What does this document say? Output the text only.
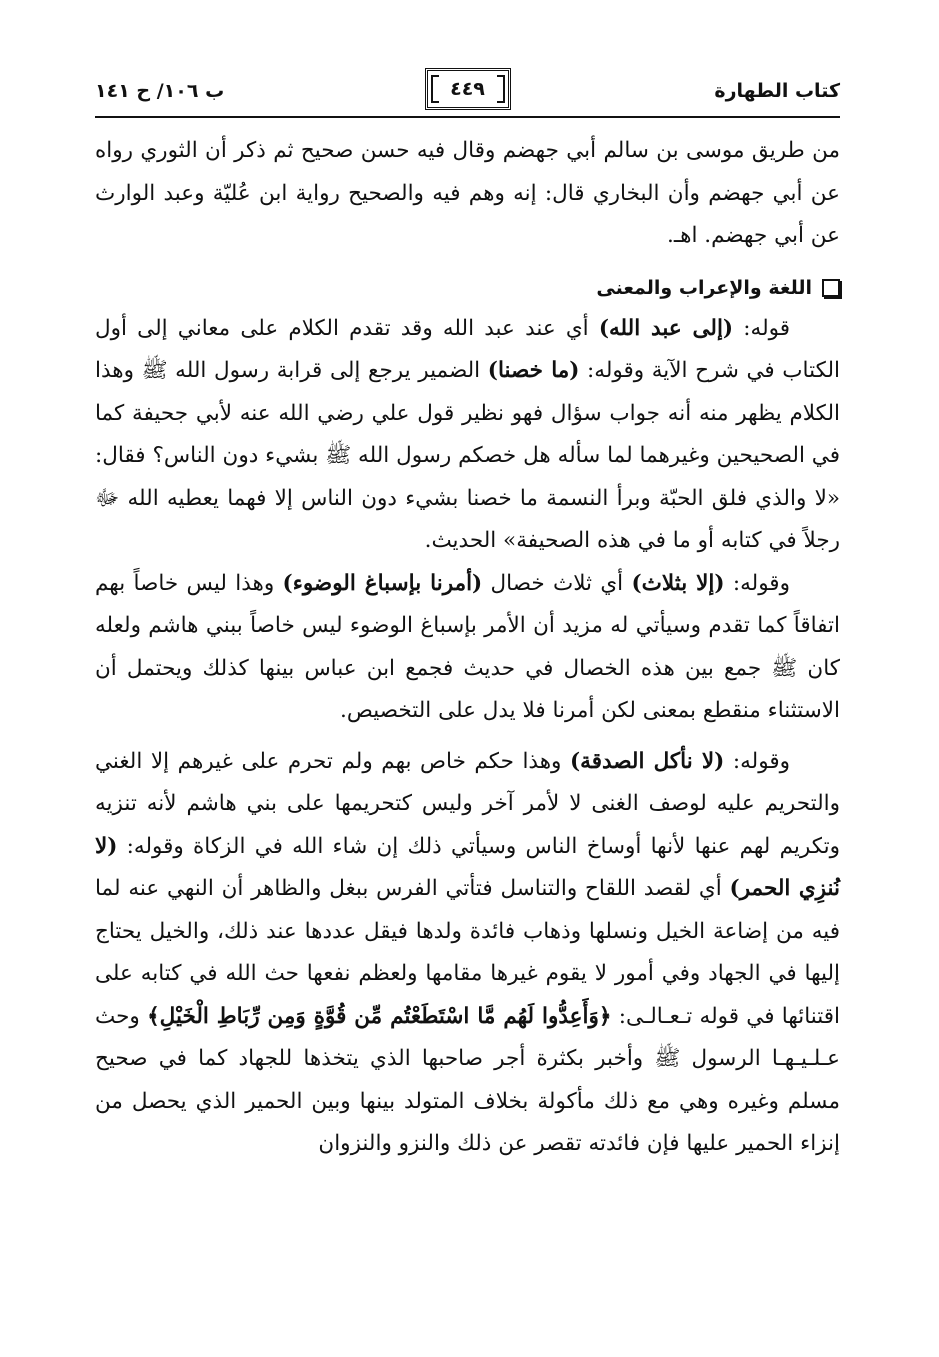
كتاب الطهارة
٤٤٩
ب ١٠٦/ ح ١٤١

من طريق موسى بن سالم أبي جهضم وقال فيه حسن صحيح ثم ذكر أن الثوري رواه عن أبي جهضم وأن البخاري قال: إنه وهم فيه والصحيح رواية ابن عُليّة وعبد الوارث عن أبي جهضم. اهـ.

اللغة والإعراب والمعنى

قوله: (إلى عبد الله) أي عند عبد الله وقد تقدم الكلام على معاني إلى أول الكتاب في شرح الآية وقوله: (ما خصنا) الضمير يرجع إلى قرابة رسول الله ﷺ وهذا الكلام يظهر منه أنه جواب سؤال فهو نظير قول علي رضي الله عنه لأبي جحيفة كما في الصحيحين وغيرهما لما سأله هل خصكم رسول الله ﷺ بشيء دون الناس؟ فقال: «لا والذي فلق الحبّة وبرأ النسمة ما خصنا بشيء دون الناس إلا فهما يعطيه الله ﷻ رجلاً في كتابه أو ما في هذه الصحيفة» الحديث.

وقوله: (إلا بثلاث) أي ثلاث خصال (أمرنا بإسباغ الوضوء) وهذا ليس خاصاً بهم اتفاقاً كما تقدم وسيأتي له مزيد أن الأمر بإسباغ الوضوء ليس خاصاً ببني هاشم ولعله كان ﷺ جمع بين هذه الخصال في حديث فجمع ابن عباس بينها كذلك ويحتمل أن الاستثناء منقطع بمعنى لكن أمرنا فلا يدل على التخصيص.

وقوله: (لا نأكل الصدقة) وهذا حكم خاص بهم ولم تحرم على غيرهم إلا الغني والتحريم عليه لوصف الغنى لا لأمر آخر وليس كتحريمها على بني هاشم لأنه تنزيه وتكريم لهم عنها لأنها أوساخ الناس وسيأتي ذلك إن شاء الله في الزكاة وقوله: (لا نُنزِي الحمر) أي لقصد اللقاح والتناسل فتأتي الفرس ببغل والظاهر أن النهي عنه لما فيه من إضاعة الخيل ونسلها وذهاب فائدة ولدها فيقل عددها عند ذلك، والخيل يحتاج إليها في الجهاد وفي أمور لا يقوم غيرها مقامها ولعظم نفعها حث الله في كتابه على اقتنائها في قوله تـعـالـى: ﴿وَأَعِدُّوا لَهُم مَّا اسْتَطَعْتُم مِّن قُوَّةٍ وَمِن رِّبَاطِ الْخَيْلِ﴾ وحث عـلـيـهـا الرسول ﷺ وأخبر بكثرة أجر صاحبها الذي يتخذها للجهاد كما في صحيح مسلم وغيره وهي مع ذلك مأكولة بخلاف المتولد بينها وبين الحمير الذي يحصل من إنزاء الحمير عليها فإن فائدته تقصر عن ذلك والنزو والنزوان
